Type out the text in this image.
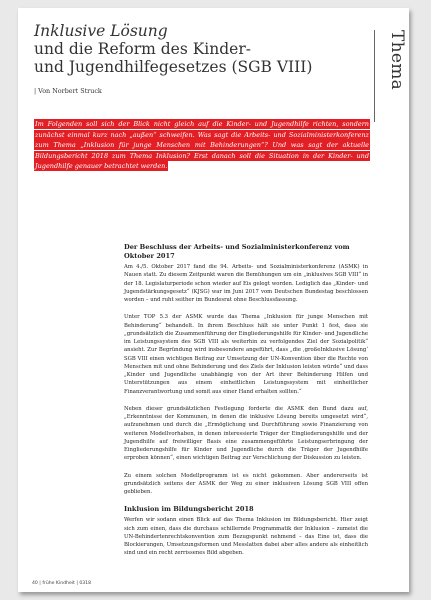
Inklusive Lösung
und die Reform des Kinder-
und Jugendhilfegesetzes (SGB VIII)
| Von Norbert Struck
Thema

Im Folgenden soll sich der Blick nicht gleich auf die Kinder- und Jugendhilfe richten, sondern zunächst einmal kurz nach „außen“ schweifen. Was sagt die Arbeits- und Sozialministerkonferenz zum Thema „Inklusion für junge Menschen mit Behinderungen“? Und was sagt der aktuelle Bildungsbericht 2018 zum Thema Inklusion? Erst danach soll die Situation in der Kinder- und Jugendhilfe genauer betrachtet werden.

Der Beschluss der Arbeits- und Sozialministerkonferenz vom Oktober 2017

Am 4./5. Oktober 2017 fand die 94. Arbeits- und Sozialministerkonferenz (ASMK) in Nauen statt. Zu diesem Zeitpunkt waren die Bemühungen um ein „inklusives SGB VIII“ in der 18. Legislaturperiode schon wieder auf Eis gelegt worden. Lediglich das „Kinder- und Jugendstärkungsgesetz“ (KJSG) war im Juni 2017 vom Deutschen Bundestag beschlossen worden – und ruht seither im Bundesrat ohne Beschlussfassung.

Unter TOP 5.3 der ASMK wurde das Thema „Inklusion für junge Menschen mit Behinderung“ behandelt. In ihrem Beschluss hält sie unter Punkt 1 fest, dass sie „grundsätzlich die Zusammenführung der Eingliederungshilfe für Kinder- und Jugendliche im Leistungssystem des SGB VIII als weiterhin zu verfolgendes Ziel der Sozialpolitik“ ansieht. Zur Begründung wird insbesondere angeführt, dass „die ‚großeInklusive Lösung‘ SGB VIII einen wichtigen Beitrag zur Umsetzung der UN-Konvention über die Rechte von Menschen mit und ohne Behinderung und des Ziels der Inklusion leisten würde“ und dass „Kinder und Jugendliche unabhängig von der Art ihrer Behinderung Hilfen und Unterstützungen aus einem einheitlichen Leistungssystem mit einheitlicher Finanzverantwortung und somit aus einer Hand erhalten sollten.“

Neben dieser grundsätzlichen Festlegung forderte die ASMK den Bund dazu auf, „Erkenntnisse der Kommunen, in denen die inklusive Lösung bereits umgesetzt wird“, aufzunehmen und durch die „Ermöglichung und Durchführung sowie Finanzierung von weiteren Modellvorhaben, in denen interessierte Träger der Eingliederungshilfe und der Jugendhilfe auf freiwilliger Basis eine zusammengeführte Leistungserbringung der Eingliederungshilfe für Kinder und Jugendliche durch die Träger der Jugendhilfe erproben können“, einen wichtigen Beitrag zur Verschlichung der Diskussion zu leisten.

Zu einem solchen Modellprogramm ist es nicht gekommen. Aber andererseits ist grundsätzlich seitens der ASMK der Weg zu einer inklusiven Lösung SGB VIII offen geblieben.

Inklusion im Bildungsbericht 2018

Werfen wir sodann einen Blick auf das Thema Inklusion im Bildungsbericht. Hier zeigt sich zum einen, dass die durchaus schillernde Programmatik der Inklusion – zumeist die UN-Behindertenrechtskonvention zum Bezugspunkt nehmend – das Eine ist, dass die Blockierungen, Umsetzungsformen und Messlatten dabei aber alles andere als einheitlich sind und ein recht zerrissenes Bild abgeben.

40 | frühe Kindheit | 0318
